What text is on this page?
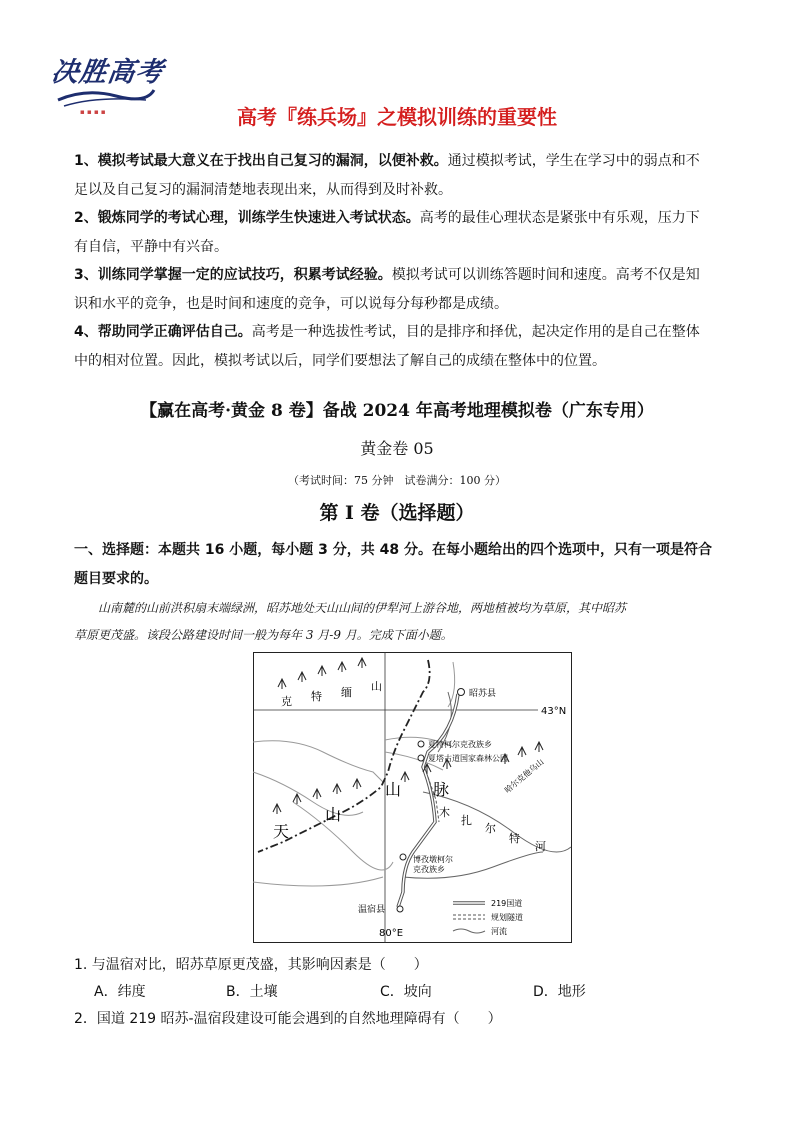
决胜高考
▪ ▪ ▪ ▪	高考『练兵场』之模拟训练的重要性
1、模拟考试最大意义在于找出自己复习的漏洞，以便补救。通过模拟考试，学生在学习中的弱点和不
足以及自己复习的漏洞清楚地表现出来，从而得到及时补救。
2、锻炼同学的考试心理，训练学生快速进入考试状态。高考的最佳心理状态是紧张中有乐观，压力下
有自信，平静中有兴奋。
3、训练同学掌握一定的应试技巧，积累考试经验。模拟考试可以训练答题时间和速度。高考不仅是知
识和水平的竞争，也是时间和速度的竞争，可以说每分每秒都是成绩。
4、帮助同学正确评估自己。高考是一种选拔性考试，目的是排序和择优，起决定作用的是自己在整体
中的相对位置。因此，模拟考试以后，同学们要想法了解自己的成绩在整体中的位置。
【赢在高考·黄金 8 卷】备战 2024 年高考地理模拟卷（广东专用）
黄金卷 05
（考试时间：75 分钟　试卷满分：100 分）
第 I 卷（选择题）
一、选择题：本题共 16 小题，每小题 3 分，共 48 分。在每小题给出的四个选项中，只有一项是符合
题目要求的。
山南麓的山前洪积扇末端绿洲，昭苏地处天山山间的伊犁河上游谷地，两地植被均为草原，其中昭苏
草原更茂盛。该段公路建设时间一般为每年 3 月-9 月。完成下面小题。
43°N
80°E
昭苏县
夏特柯尔克孜族乡
夏塔古道国家森林公园
博孜墩柯尔
克孜族乡
温宿县
克 特 缅 山
天
山
山 脉	哈尔克他乌山
木
扎
尔
特
河
219国道
规划隧道
河流
1. 与温宿对比，昭苏草原更茂盛，其影响因素是（　　）
A．纬度	B．土壤	C．坡向	D．地形
2．国道 219 昭苏-温宿段建设可能会遇到的自然地理障碍有（　　）
